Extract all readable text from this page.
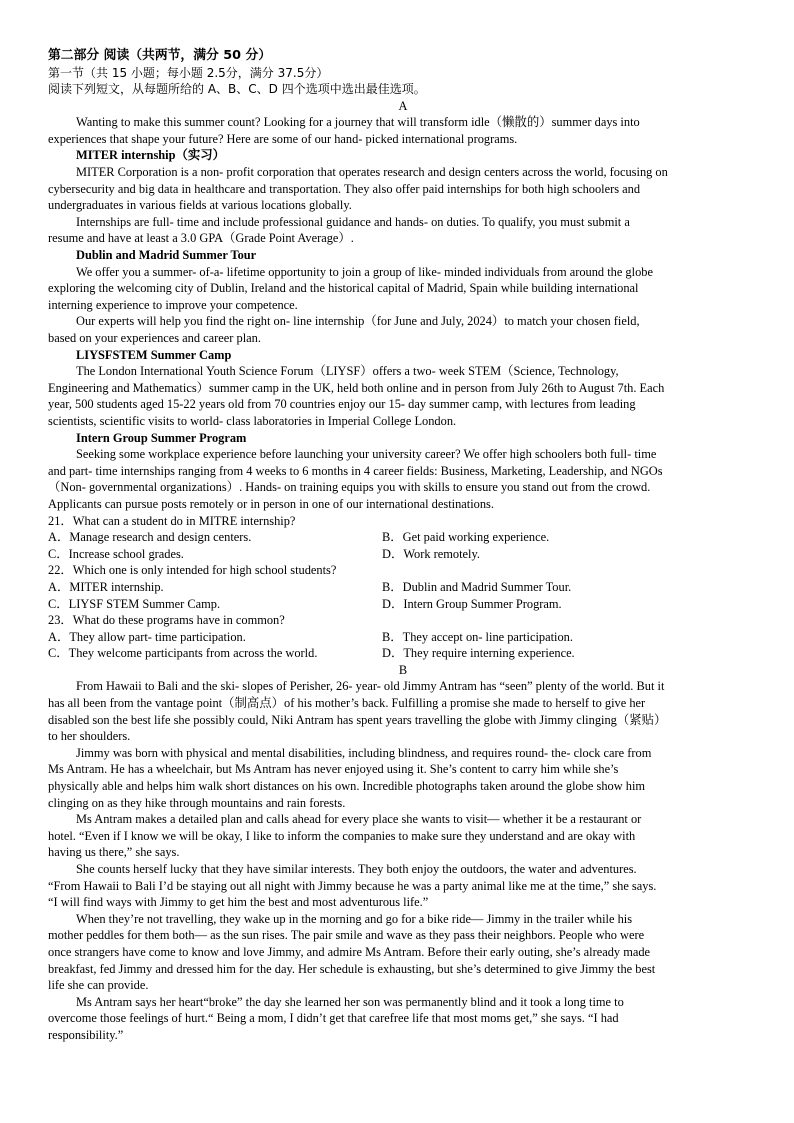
第二部分 阅读（共两节，满分 50 分）
第一节（共 15 小题；每小题 2.5分，满分 37.5分）
阅读下列短文，从每题所给的 A、B、C、D 四个选项中选出最佳选项。
A
Wanting to make this summer count? Looking for a journey that will transform idle（懒散的）summer days into
experiences that shape your future? Here are some of our hand- picked international programs.
MITER internship（实习）
MITER Corporation is a non- profit corporation that operates research and design centers across the world, focusing on
cybersecurity and big data in healthcare and transportation. They also offer paid internships for both high schoolers and
undergraduates in various fields at various locations globally.
Internships are full- time and include professional guidance and hands- on duties. To qualify, you must submit a
resume and have at least a 3.0 GPA（Grade Point Average）.
Dublin and Madrid Summer Tour
We offer you a summer- of-a- lifetime opportunity to join a group of like- minded individuals from around the globe
exploring the welcoming city of Dublin, Ireland and the historical capital of Madrid, Spain while building international
interning experience to improve your competence.
Our experts will help you find the right on- line internship（for June and July, 2024）to match your chosen field,
based on your experiences and career plan.
LIYSFSTEM Summer Camp
The London International Youth Science Forum（LIYSF）offers a two- week STEM（Science, Technology,
Engineering and Mathematics）summer camp in the UK, held both online and in person from July 26th to August 7th. Each
year, 500 students aged 15-22 years old from 70 countries enjoy our 15- day summer camp, with lectures from leading
scientists, scientific visits to world- class laboratories in Imperial College London.
Intern Group Summer Program
Seeking some workplace experience before launching your university career? We offer high schoolers both full- time
and part- time internships ranging from 4 weeks to 6 months in 4 career fields: Business, Marketing, Leadership, and NGOs
（Non- governmental organizations）. Hands- on training equips you with skills to ensure you stand out from the crowd.
Applicants can pursue posts remotely or in person in one of our international destinations.
21．What can a student do in MITRE internship?
A．Manage research and design centers.	B．Get paid working experience.
C．Increase school grades.	D．Work remotely.
22．Which one is only intended for high school students?
A．MITER internship.	B．Dublin and Madrid Summer Tour.
C．LIYSF STEM Summer Camp.	D．Intern Group Summer Program.
23．What do these programs have in common?
A．They allow part- time participation.	B．They accept on- line participation.
C．They welcome participants from across the world.	D．They require interning experience.
B
From Hawaii to Bali and the ski- slopes of Perisher, 26- year- old Jimmy Antram has “seen” plenty of the world. But it
has all been from the vantage point（制高点）of his mother’s back. Fulfilling a promise she made to herself to give her
disabled son the best life she possibly could, Niki Antram has spent years travelling the globe with Jimmy clinging（紧贴）
to her shoulders.
Jimmy was born with physical and mental disabilities, including blindness, and requires round- the- clock care from
Ms Antram. He has a wheelchair, but Ms Antram has never enjoyed using it. She’s content to carry him while she’s
physically able and helps him walk short distances on his own. Incredible photographs taken around the globe show him
clinging on as they hike through mountains and rain forests.
Ms Antram makes a detailed plan and calls ahead for every place she wants to visit— whether it be a restaurant or
hotel. “Even if I know we will be okay, I like to inform the companies to make sure they understand and are okay with
having us there,” she says.
She counts herself lucky that they have similar interests. They both enjoy the outdoors, the water and adventures.
“From Hawaii to Bali I’d be staying out all night with Jimmy because he was a party animal like me at the time,” she says.
“I will find ways with Jimmy to get him the best and most adventurous life.”
When they’re not travelling, they wake up in the morning and go for a bike ride— Jimmy in the trailer while his
mother peddles for them both— as the sun rises. The pair smile and wave as they pass their neighbors. People who were
once strangers have come to know and love Jimmy, and admire Ms Antram. Before their early outing, she’s already made
breakfast, fed Jimmy and dressed him for the day. Her schedule is exhausting, but she’s determined to give Jimmy the best
life she can provide.
Ms Antram says her heart“broke” the day she learned her son was permanently blind and it took a long time to
overcome those feelings of hurt.“ Being a mom, I didn’t get that carefree life that most moms get,” she says. “I had
responsibility.”
